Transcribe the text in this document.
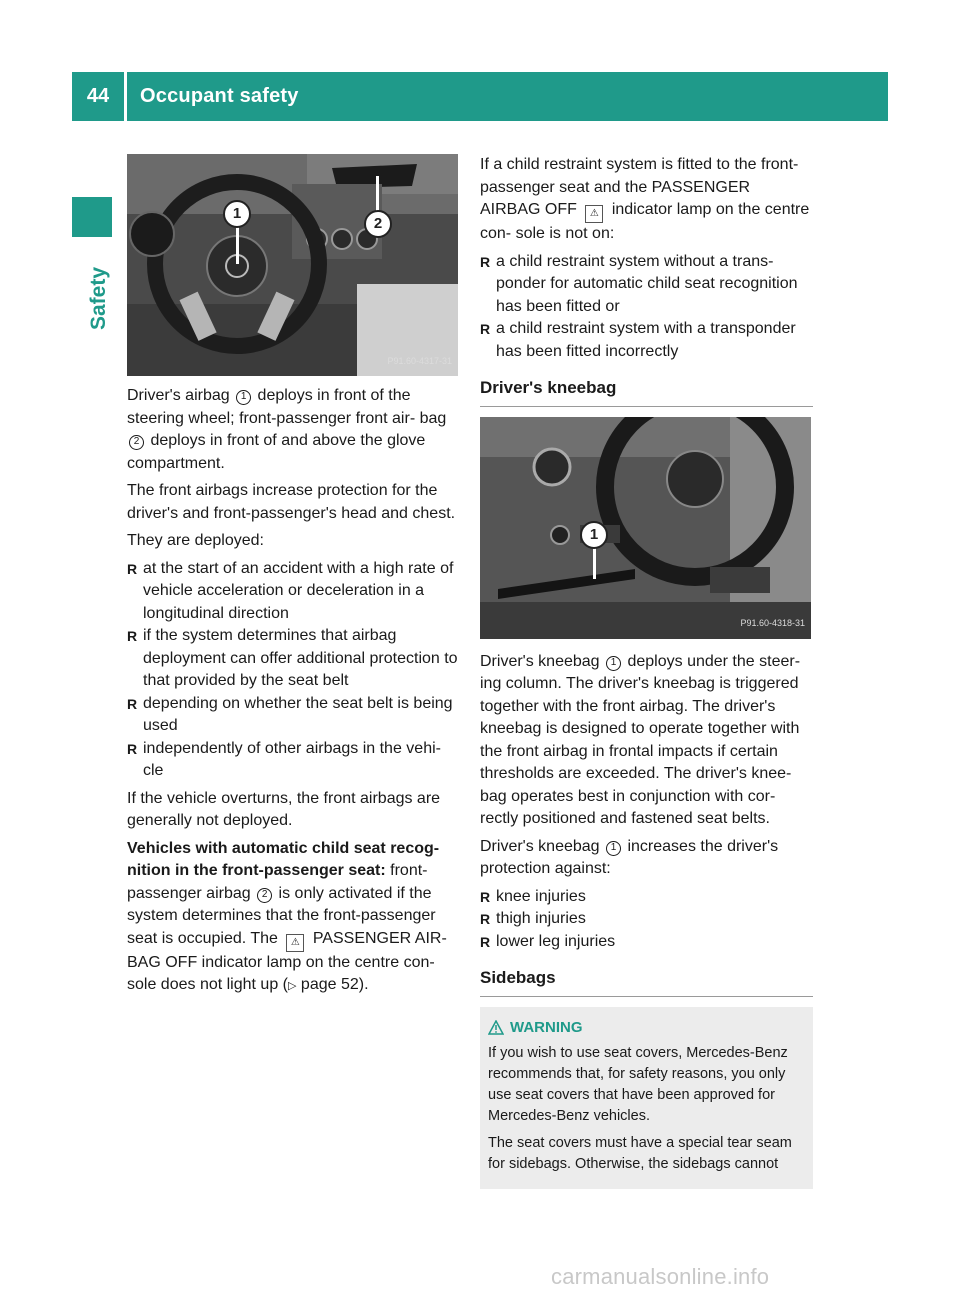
44	Occupant safety
Safety
1
2
P91.60-4317-31

Driver's airbag 1 deploys in front of the steering wheel; front-passenger front air- bag 2 deploys in front of and above the glove compartment.

The front airbags increase protection for the driver's and front-passenger's head and chest.

They are deployed:

R at the start of an accident with a high rate of vehicle acceleration or deceleration in a longitudinal direction
R if the system determines that airbag deployment can offer additional protection to that provided by the seat belt
R depending on whether the seat belt is being used
R independently of other airbags in the vehi- cle

If the vehicle overturns, the front airbags are generally not deployed.

Vehicles with automatic child seat recog- nition in the front-passenger seat: front- passenger airbag 2 is only activated if the system determines that the front-passenger seat is occupied. The ⚠ PASSENGER AIR- BAG OFF indicator lamp on the centre con- sole does not light up (▷ page 52).

If a child restraint system is fitted to the front- passenger seat and the PASSENGER AIRBAG OFF ⚠ indicator lamp on the centre con- sole is not on:

R a child restraint system without a trans- ponder for automatic child seat recognition has been fitted or
R a child restraint system with a transponder has been fitted incorrectly
Driver's kneebag
1
P91.60-4318-31

Driver's kneebag 1 deploys under the steer- ing column. The driver's kneebag is triggered together with the front airbag. The driver's kneebag is designed to operate together with the front airbag in frontal impacts if certain thresholds are exceeded. The driver's knee- bag operates best in conjunction with cor- rectly positioned and fastened seat belts.

Driver's kneebag 1 increases the driver's protection against:

R knee injuries
R thigh injuries
R lower leg injuries
Sidebags
WARNING

If you wish to use seat covers, Mercedes-Benz recommends that, for safety reasons, you only use seat covers that have been approved for Mercedes-Benz vehicles.

The seat covers must have a special tear seam for sidebags. Otherwise, the sidebags cannot

carmanualsonline.info
